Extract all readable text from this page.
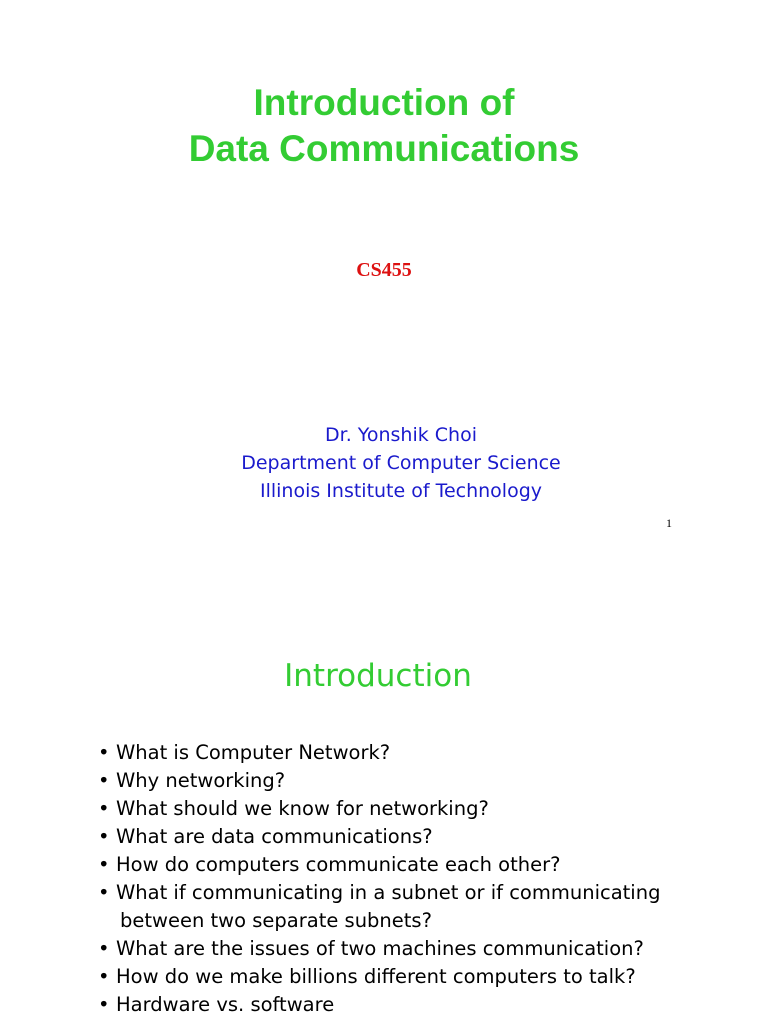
Introduction of
Data Communications
CS455
Dr. Yonshik Choi
Department of Computer Science
Illinois Institute of Technology
1
Introduction
• What is Computer Network?
• Why networking?
• What should we know for networking?
• What are data communications?
• How do computers communicate each other?
• What if communicating in a subnet or if communicating
between two separate subnets?
• What are the issues of two machines communication?
• How do we make billions different computers to talk?
• Hardware vs. software
